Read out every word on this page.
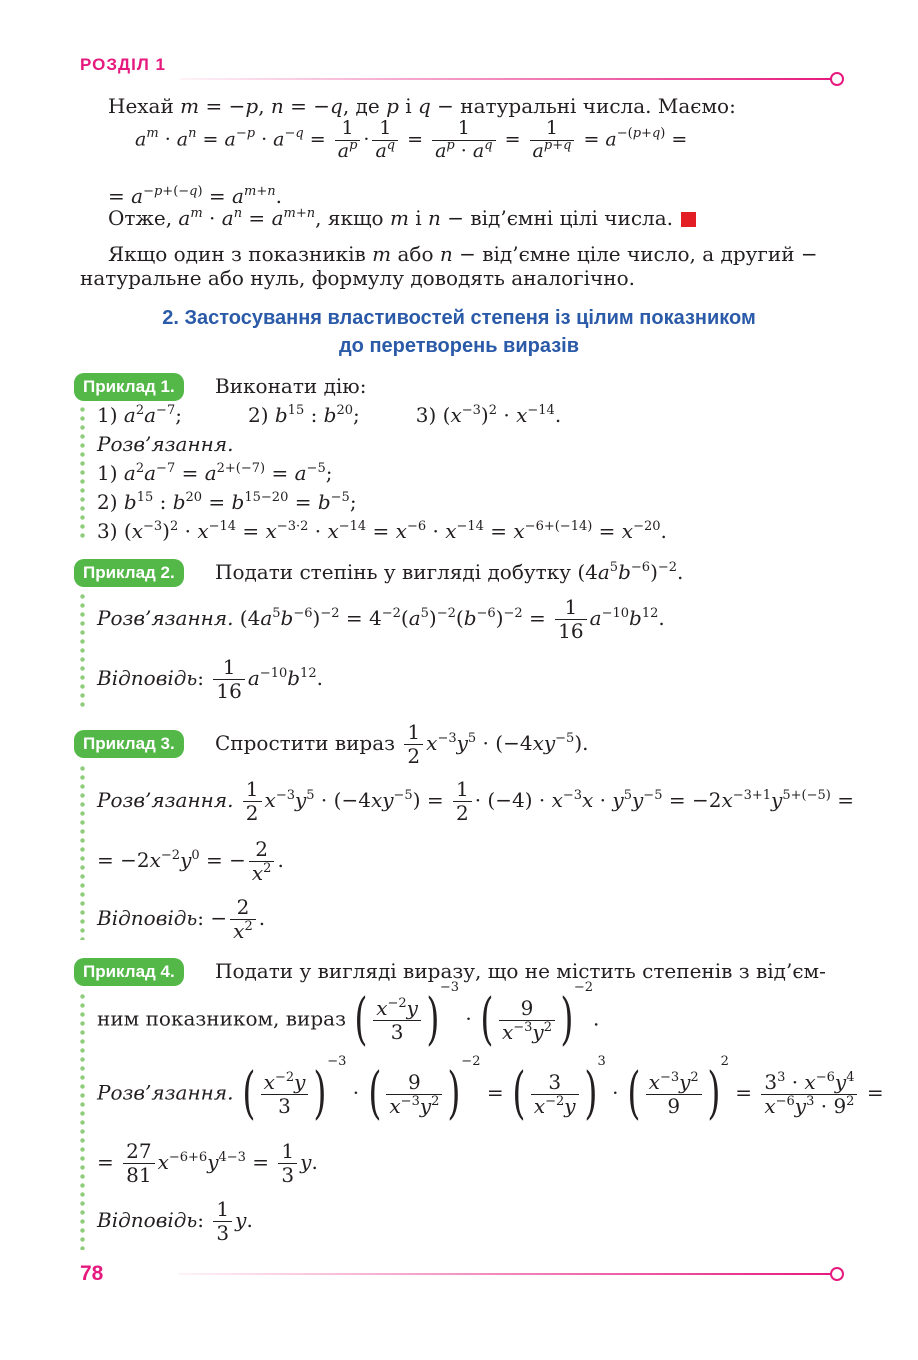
РОЗДІЛ 1
Нехай m = −p, n = −q, де p і q − натуральні числа. Маємо:
$a^m \cdot a^n = a^{-p} \cdot a^{-q} = \frac{1}{a^p} \cdot \frac{1}{a^q} = \frac{1}{a^p \cdot a^q} = \frac{1}{a^{p+q}} = a^{-(p+q)}$ =
= $a^{-p+(-q)} = a^{m+n}$.
Отже, $a^m \cdot a^n = a^{m+n}$, якщо m і n − від’ємні цілі числа.
Якщо один з показників m або n − від’ємне ціле число, а другий −
натуральне або нуль, формулу доводять аналогічно.
2. Застосування властивостей степеня із цілим показником
до перетворень виразів
Приклад 1.	Виконати дію:
1) $a^2a^{-7}$;	2) $b^{15}$ : $b^{20}$;	3) $(x^{-3})^2 \cdot x^{-14}$.
Розв’язання.
1) $a^2a^{-7} = a^{2+(-7)} = a^{-5}$;
2) $b^{15}$ : $b^{20} = b^{15-20} = b^{-5}$;
3) $(x^{-3})^2 \cdot x^{-14} = x^{-3\cdot 2} \cdot x^{-14} = x^{-6} \cdot x^{-14} = x^{-6+(-14)} = x^{-20}$.
Приклад 2.	Подати степінь у вигляді добутку $(4a^5b^{-6})^{-2}$.
Розв’язання. $(4a^5b^{-6})^{-2} = 4^{-2}(a^5)^{-2}(b^{-6})^{-2} = \frac{1}{16} a^{-10}b^{12}$.
Відповідь: $\frac{1}{16} a^{-10}b^{12}$.
Приклад 3.	Спростити вираз $\frac{1}{2} x^{-3}y^5 \cdot (-4xy^{-5})$.
Розв’язання. $\frac{1}{2} x^{-3}y^5 \cdot (-4xy^{-5}) = \frac{1}{2} \cdot (-4) \cdot x^{-3}x \cdot y^5y^{-5} = -2x^{-3+1}y^{5+(-5)}$ =
= $-2x^{-2}y^0$ = − $\frac{2}{x^2}$ .
Відповідь: − $\frac{2}{x^2}$ .
Приклад 4.	Подати у вигляді виразу, що не містить степенів з від’єм-
ним показником, вираз ( $\frac{x^{-2}y}{3} )-3$ · ( $\frac{9}{x^{-3}y^2} )-2$.
Розв’язання. ( $\frac{x^{-2}y}{3} )-3$ · ( $\frac{9}{x^{-3}y^2} )-2$ = ( $\frac{3}{x^{-2}y} )3$ · ( $\frac{x^{-3}y^2}{9} )2 = \frac{3^3 \cdot x^{-6}y^4}{x^{-6}y^3 \cdot 9^2}$ =
= $\frac{27}{81} x^{-6+6}y^{4-3} = \frac{1}{3} y$.
Відповідь: $\frac{1}{3} y$.
78
